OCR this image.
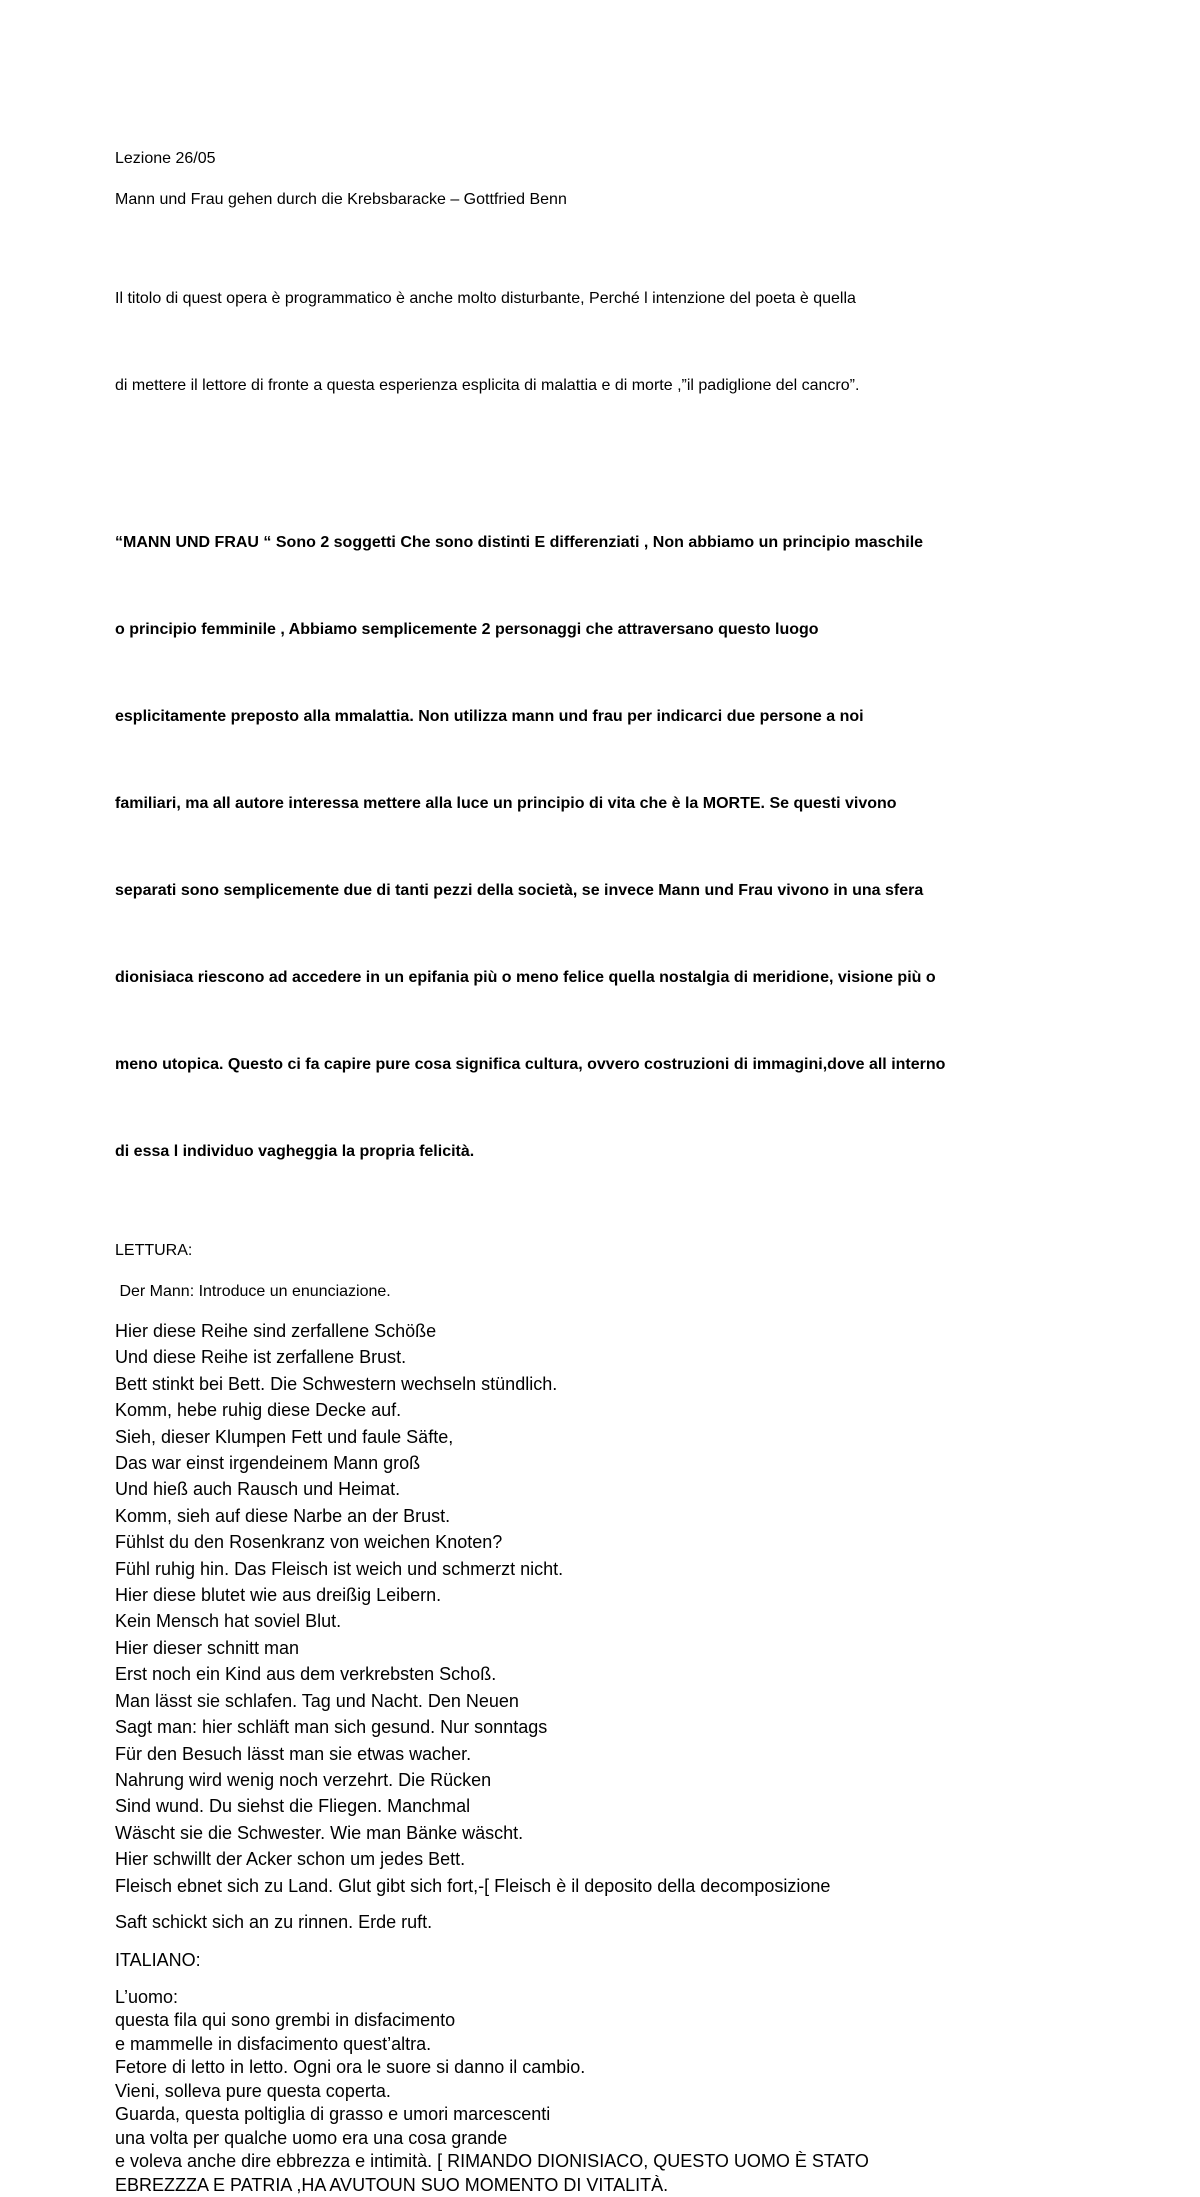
Lezione 26/05

Mann und Frau gehen durch die Krebsbaracke – Gottfried Benn

Il titolo di quest opera è programmatico è anche molto disturbante, Perché l intenzione del poeta è quella

di mettere il lettore di fronte a questa esperienza esplicita di malattia e di morte ,”il padiglione del cancro”.

“MANN UND FRAU “ Sono 2 soggetti Che sono distinti E differenziati , Non abbiamo un principio maschile

o principio femminile , Abbiamo semplicemente 2 personaggi che attraversano questo luogo

esplicitamente preposto alla mmalattia. Non utilizza mann und frau per indicarci due persone a noi

familiari, ma all autore interessa mettere alla luce un principio di vita che è la MORTE. Se questi vivono

separati sono semplicemente due di tanti pezzi della società, se invece Mann und Frau vivono in una sfera

dionisiaca riescono ad accedere in un epifania più o meno felice quella nostalgia di meridione, visione più o

meno utopica. Questo ci fa capire pure cosa significa cultura, ovvero costruzioni di immagini,dove all interno

di essa l individuo vagheggia la propria felicità.

LETTURA:

Der Mann: Introduce un enunciazione.

Hier diese Reihe sind zerfallene Schöße
Und diese Reihe ist zerfallene Brust.
Bett stinkt bei Bett. Die Schwestern wechseln stündlich.
Komm, hebe ruhig diese Decke auf.
Sieh, dieser Klumpen Fett und faule Säfte,
Das war einst irgendeinem Mann groß
Und hieß auch Rausch und Heimat.
Komm, sieh auf diese Narbe an der Brust.
Fühlst du den Rosenkranz von weichen Knoten?
Fühl ruhig hin. Das Fleisch ist weich und schmerzt nicht.
Hier diese blutet wie aus dreißig Leibern.
Kein Mensch hat soviel Blut.
Hier dieser schnitt man
Erst noch ein Kind aus dem verkrebsten Schoß.
Man lässt sie schlafen. Tag und Nacht. Den Neuen
Sagt man: hier schläft man sich gesund. Nur sonntags
Für den Besuch lässt man sie etwas wacher.
Nahrung wird wenig noch verzehrt. Die Rücken
Sind wund. Du siehst die Fliegen. Manchmal
Wäscht sie die Schwester. Wie man Bänke wäscht.
Hier schwillt der Acker schon um jedes Bett.
Fleisch ebnet sich zu Land. Glut gibt sich fort,-[ Fleisch è il deposito della decomposizione

Saft schickt sich an zu rinnen. Erde ruft.

ITALIANO:

L’uomo:
questa fila qui sono grembi in disfacimento
e mammelle in disfacimento quest’altra.
Fetore di letto in letto. Ogni ora le suore si danno il cambio.
Vieni, solleva pure questa coperta.
Guarda, questa poltiglia di grasso e umori marcescenti
una volta per qualche uomo era una cosa grande
e voleva anche dire ebbrezza e intimità. [ RIMANDO DIONISIACO, QUESTO UOMO È STATO
EBREZZZA E PATRIA ,HA AVUTOUN SUO MOMENTO DI VITALITÀ.
